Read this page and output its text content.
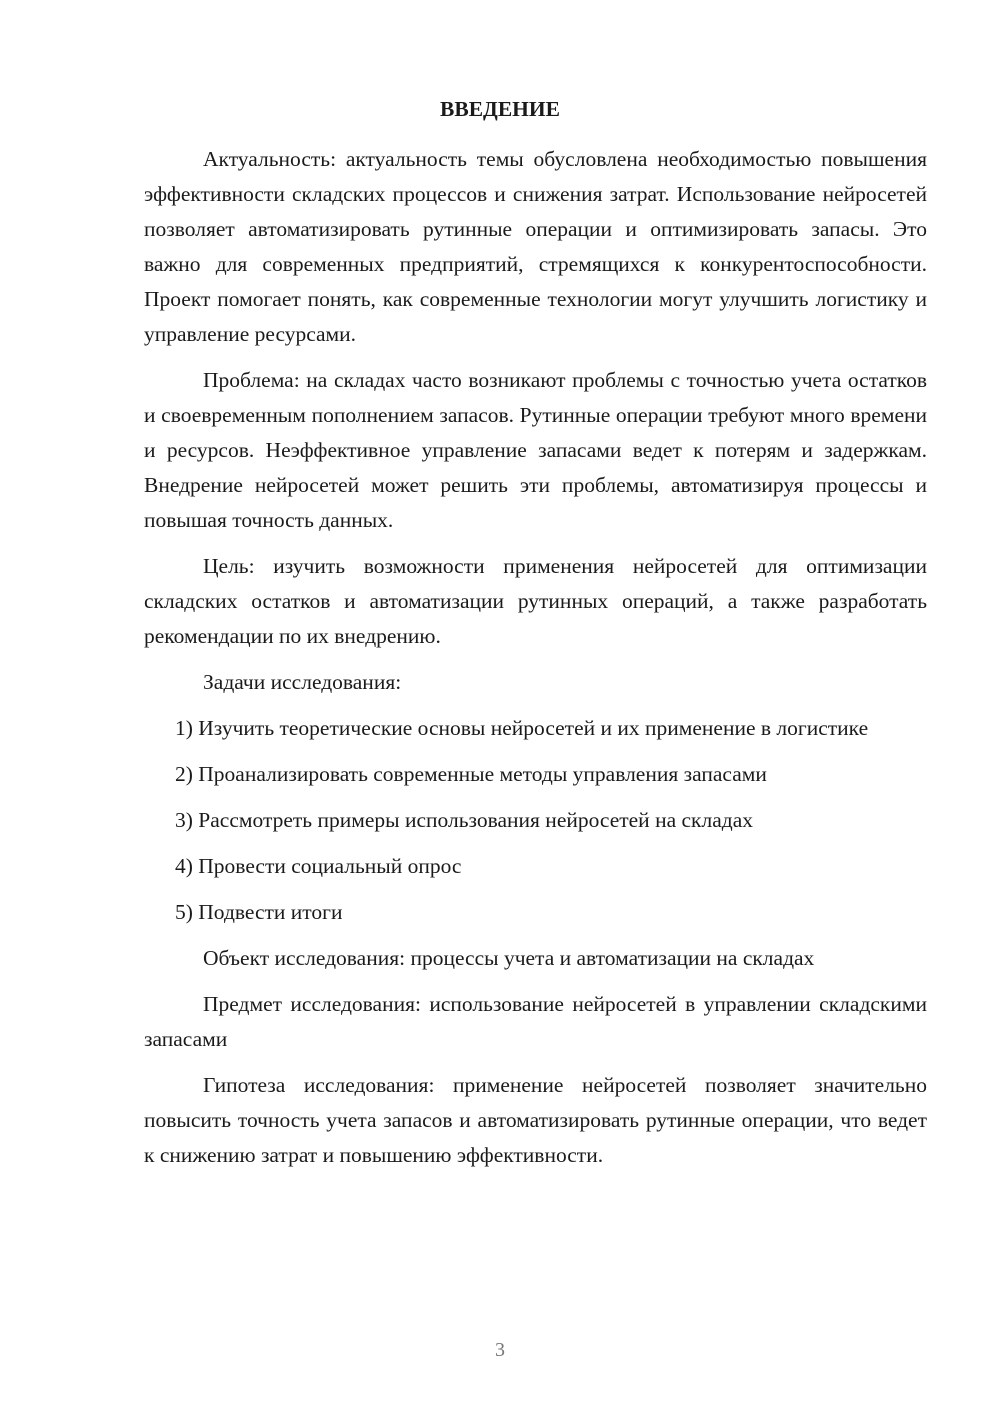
ВВЕДЕНИЕ

Актуальность: актуальность темы обусловлена необходимостью повышения эффективности складских процессов и снижения затрат. Использование нейросетей позволяет автоматизировать рутинные операции и оптимизировать запасы. Это важно для современных предприятий, стремящихся к конкурентоспособности. Проект помогает понять, как современные технологии могут улучшить логистику и управление ресурсами.

Проблема: на складах часто возникают проблемы с точностью учета остатков и своевременным пополнением запасов. Рутинные операции требуют много времени и ресурсов. Неэффективное управление запасами ведет к потерям и задержкам. Внедрение нейросетей может решить эти проблемы, автоматизируя процессы и повышая точность данных.

Цель: изучить возможности применения нейросетей для оптимизации складских остатков и автоматизации рутинных операций, а также разработать рекомендации по их внедрению.

Задачи исследования:

1) Изучить теоретические основы нейросетей и их применение в логистике

2) Проанализировать современные методы управления запасами

3) Рассмотреть примеры использования нейросетей на складах

4) Провести социальный опрос

5) Подвести итоги

Объект исследования: процессы учета и автоматизации на складах

Предмет исследования: использование нейросетей в управлении складскими запасами

Гипотеза исследования: применение нейросетей позволяет значительно повысить точность учета запасов и автоматизировать рутинные операции, что ведет к снижению затрат и повышению эффективности.

3
